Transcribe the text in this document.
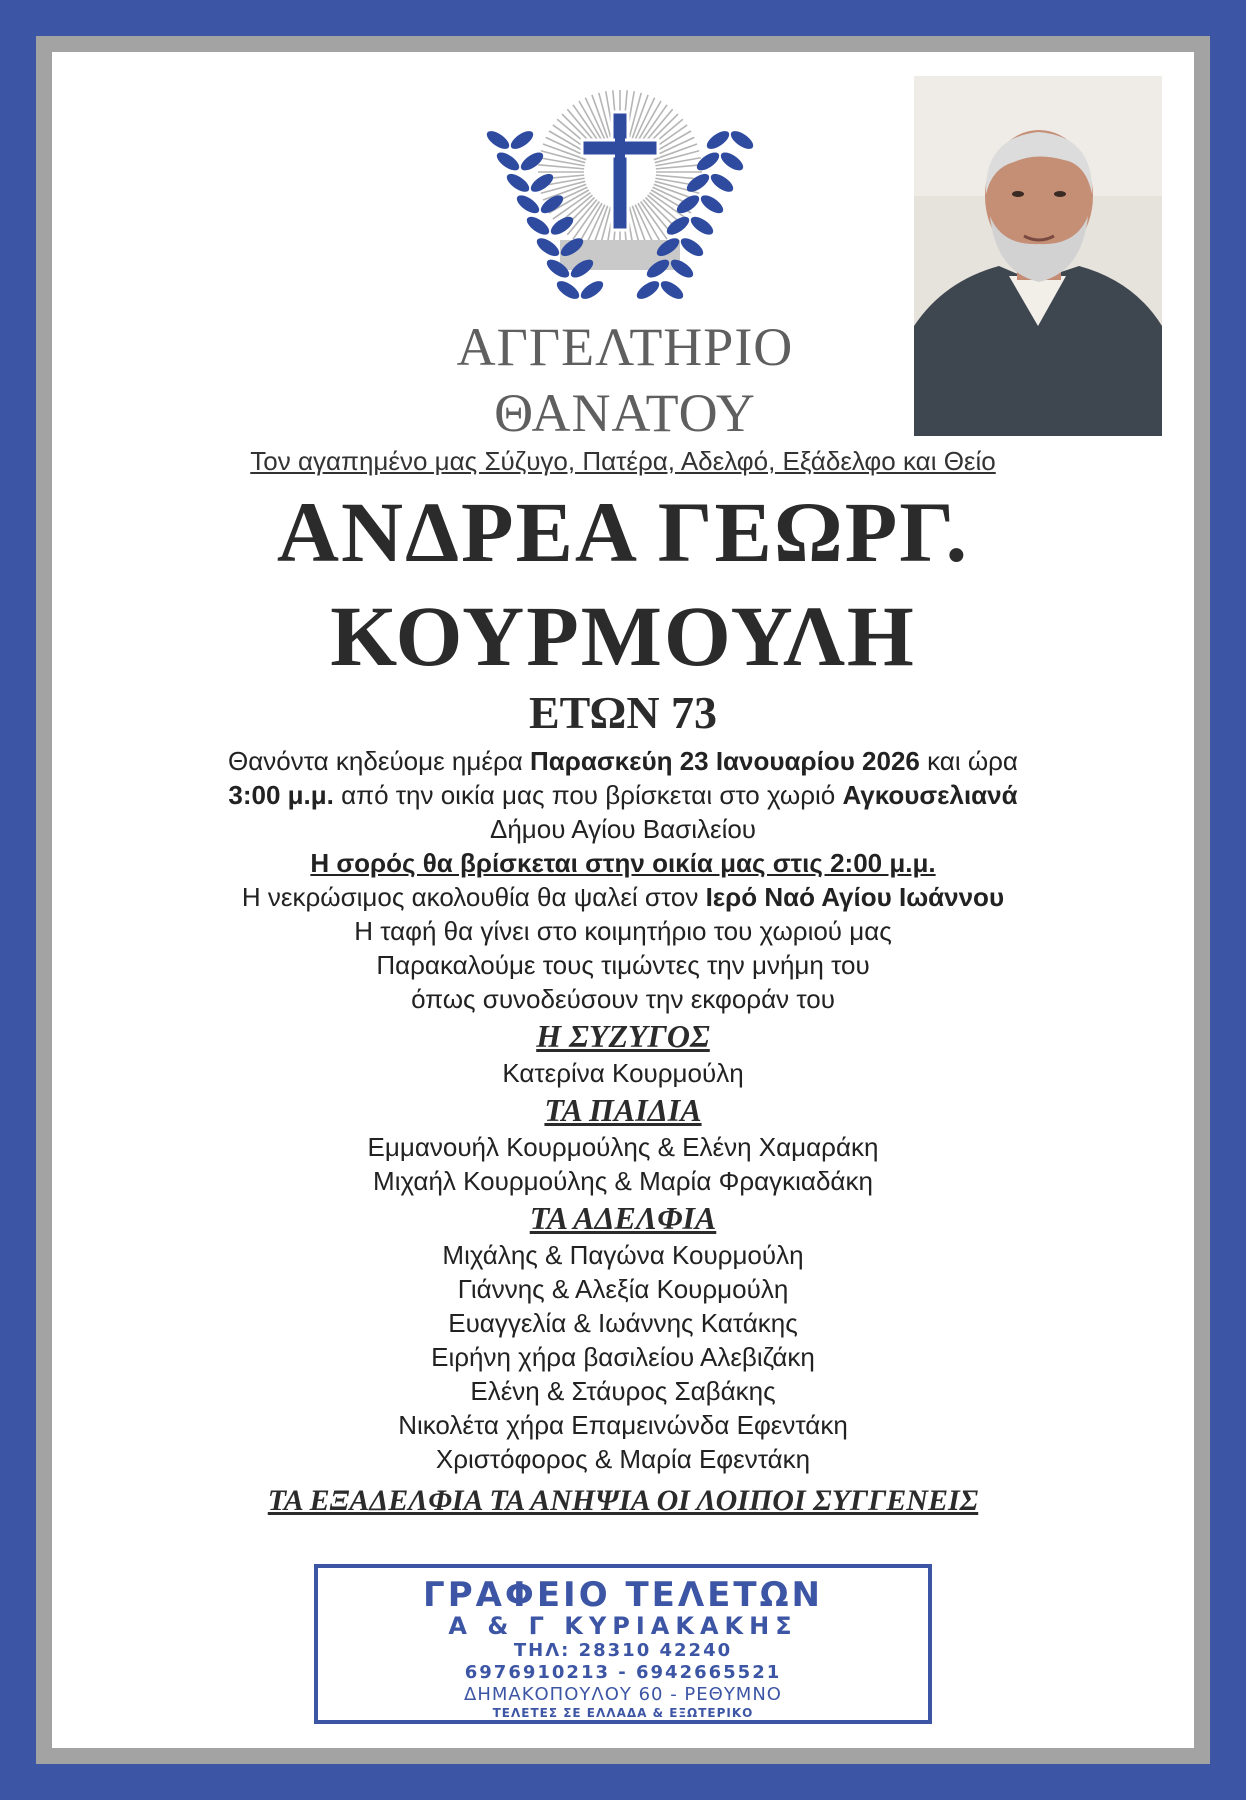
ΑΓΓΕΛΤΗΡΙΟ
ΘΑΝΑΤΟΥ
Τον αγαπημένο μας Σύζυγο, Πατέρα, Αδελφό, Εξάδελφο και Θείο
ΑΝΔΡΕΑ ΓΕΩΡΓ.
ΚΟΥΡΜΟΥΛΗ
ΕΤΩΝ 73
Θανόντα κηδεύομε ημέρα Παρασκεύη 23 Ιανουαρίου 2026 και ώρα
3:00 μ.μ. από την οικία μας που βρίσκεται στο χωριό Αγκουσελιανά
Δήμου Αγίου Βασιλείου
Η σορός θα βρίσκεται στην οικία μας στις 2:00 μ.μ.
Η νεκρώσιμος ακολουθία θα ψαλεί στον Ιερό Ναό Αγίου Ιωάννου
Η ταφή θα γίνει στο κοιμητήριο του χωριού μας
Παρακαλούμε τους τιμώντες την μνήμη του
όπως συνοδεύσουν την εκφοράν του
Η ΣΥΖΥΓΟΣ
Κατερίνα Κουρμούλη
ΤΑ ΠΑΙΔΙΑ
Εμμανουήλ Κουρμούλης & Ελένη Χαμαράκη
Μιχαήλ Κουρμούλης & Μαρία Φραγκιαδάκη
ΤΑ ΑΔΕΛΦΙΑ
Μιχάλης & Παγώνα Κουρμούλη
Γιάννης & Αλεξία Κουρμούλη
Ευαγγελία & Ιωάννης Κατάκης
Ειρήνη χήρα βασιλείου Αλεβιζάκη
Ελένη & Στάυρος Σαβάκης
Νικολέτα χήρα Επαμεινώνδα Εφεντάκη
Χριστόφορος & Μαρία Εφεντάκη
ΤΑ ΕΞΑΔΕΛΦΙΑ ΤΑ ΑΝΗΨΙΑ ΟΙ ΛΟΙΠΟΙ ΣΥΓΓΕΝΕΙΣ
ΓΡΑΦΕΙΟ ΤΕΛΕΤΩΝ
Α & Γ ΚΥΡΙΑΚΑΚΗΣ
ΤΗΛ: 28310 42240
6976910213 - 6942665521
ΔΗΜΑΚΟΠΟΥΛΟΥ 60 - ΡΕΘΥΜΝΟ
ΤΕΛΕΤΕΣ ΣΕ ΕΛΛΑΔΑ & ΕΞΩΤΕΡΙΚΟ
